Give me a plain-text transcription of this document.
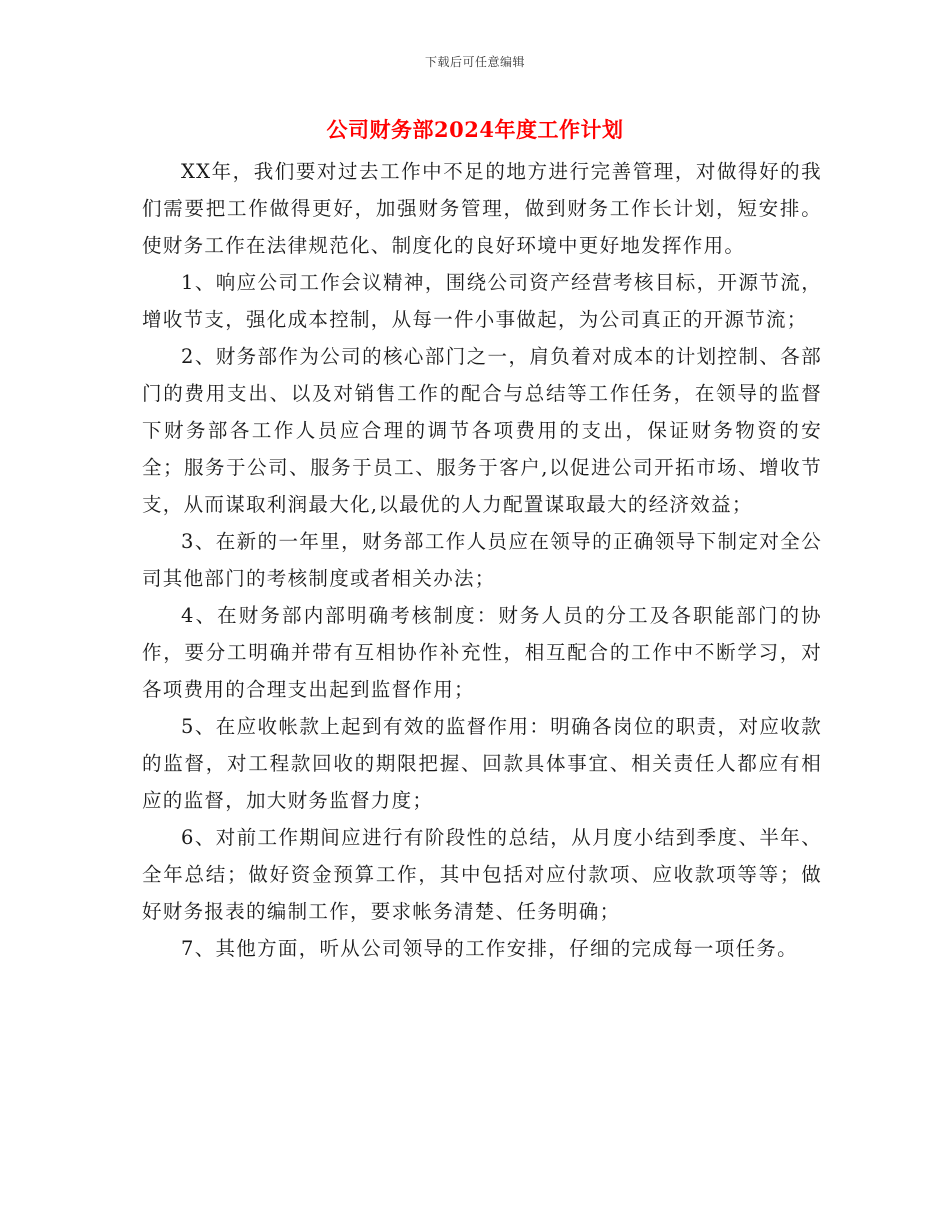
下载后可任意编辑
公司财务部2024年度工作计划

XX年，我们要对过去工作中不足的地方进行完善管理，对做得好的我们需要把工作做得更好，加强财务管理，做到财务工作长计划，短安排。使财务工作在法律规范化、制度化的良好环境中更好地发挥作用。

1、响应公司工作会议精神，围绕公司资产经营考核目标，开源节流，增收节支，强化成本控制，从每一件小事做起，为公司真正的开源节流；

2、财务部作为公司的核心部门之一，肩负着对成本的计划控制、各部门的费用支出、以及对销售工作的配合与总结等工作任务，在领导的监督下财务部各工作人员应合理的调节各项费用的支出，保证财务物资的安全；服务于公司、服务于员工、服务于客户,以促进公司开拓市场、增收节支，从而谋取利润最大化,以最优的人力配置谋取最大的经济效益；

3、在新的一年里，财务部工作人员应在领导的正确领导下制定对全公司其他部门的考核制度或者相关办法；

4、在财务部内部明确考核制度：财务人员的分工及各职能部门的协作，要分工明确并带有互相协作补充性，相互配合的工作中不断学习，对各项费用的合理支出起到监督作用；

5、在应收帐款上起到有效的监督作用：明确各岗位的职责，对应收款的监督，对工程款回收的期限把握、回款具体事宜、相关责任人都应有相应的监督，加大财务监督力度；

6、对前工作期间应进行有阶段性的总结，从月度小结到季度、半年、全年总结；做好资金预算工作，其中包括对应付款项、应收款项等等；做好财务报表的编制工作，要求帐务清楚、任务明确；

7、其他方面，听从公司领导的工作安排，仔细的完成每一项任务。
